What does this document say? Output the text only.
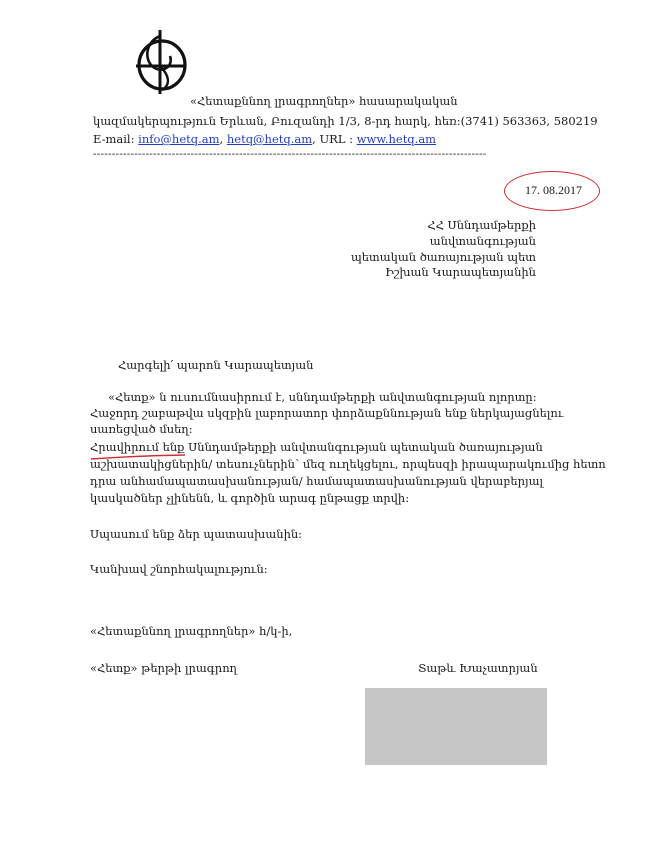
«Հետաքննող լրագրողներ» հասարակական
կազմակերպություն Երևան, Բուզանդի 1/3, 8-րդ հարկ, հեռ:(3741) 563363, 580219
E-mail: info@hetq.am, hetq@hetq.am, URL : www.hetq.am
---------------------------------------------------------------------------------------------------------
17. 08.2017
ՀՀ Սննդամթերքի
անվտանգության
պետական ծառայության պետ
Իշխան Կարապետյանին
Հարգելի՛ պարոն Կարապետյան
«Հետք» ն ուսումնասիրում է, սննդամթերքի անվտանգության ոլորտը:
Հաջորդ շաբաթվա սկզբին լաբորատոր փորձաքննության ենք ներկայացնելու
սառեցված մսեղ:
Հրավիրում ենք Սննդամթերքի անվտանգության պետական ծառայության
աշխատակիցներին/ տեսուչներին՝ մեզ ուղեկցելու, որպեսզի իրապարակումից հետո
դրա անհամապատասխանության/ համապատասխանության վերաբերյալ
կասկածներ չլինենն, և գործին արագ ընթացք տրվի:
Սպասում ենք ձեր պատասխանին:
Կանխավ շնորհակալություն:
«Հետաքննող լրագրողներ» հ/կ-ի,
«Հետք» թերթի լրագրող	Տաթև Խաչատրյան
